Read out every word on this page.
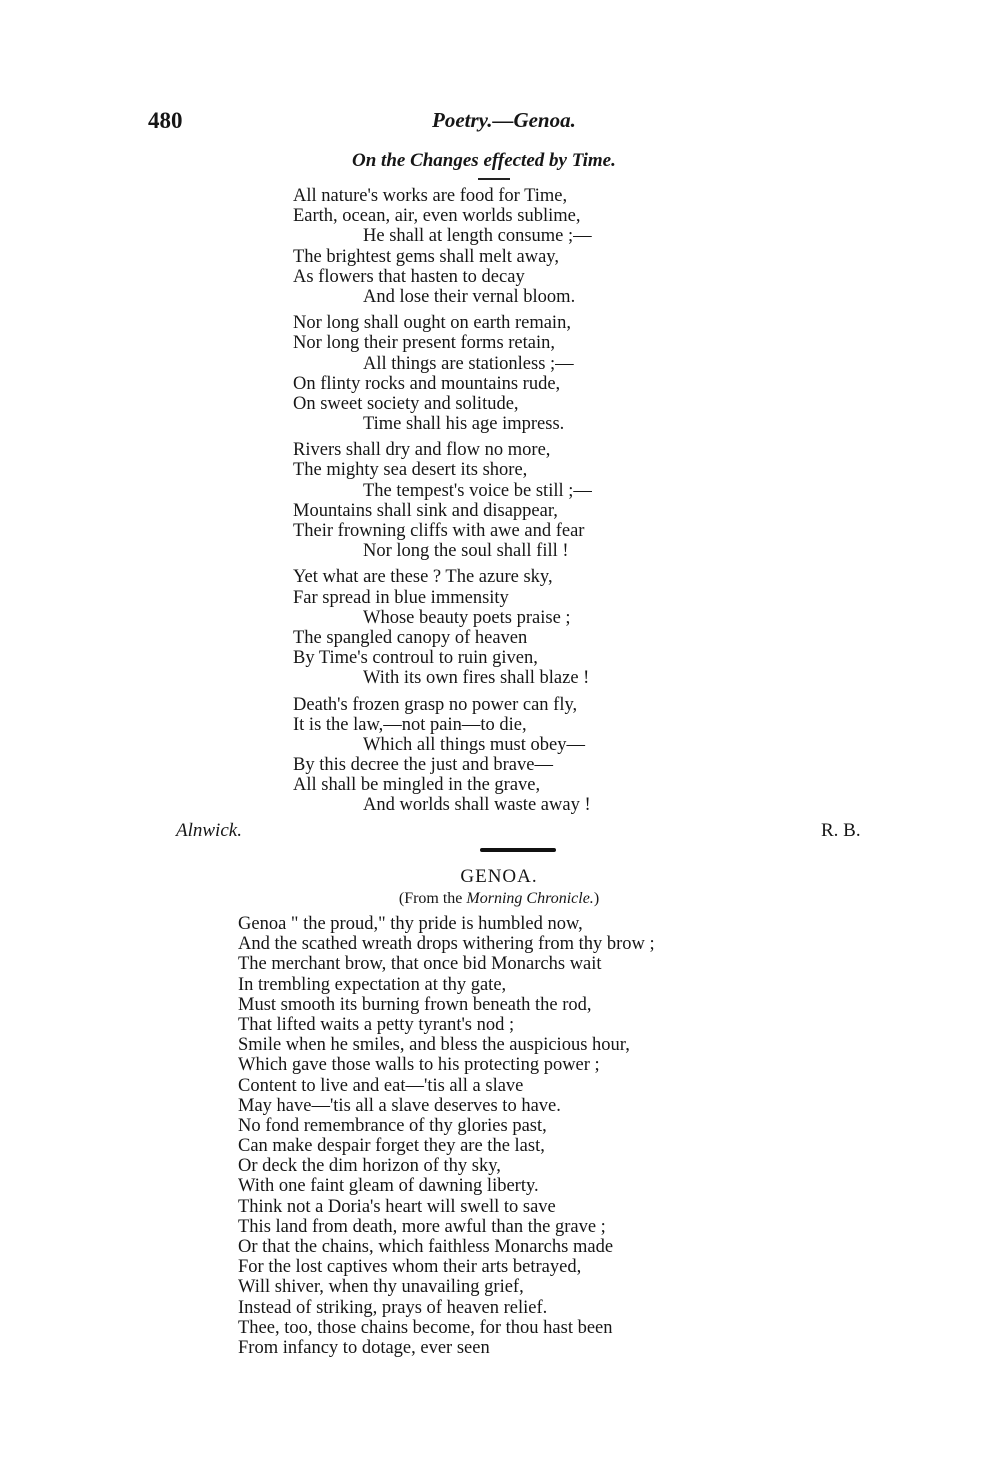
480	Poetry.—Genoa.
On the Changes effected by Time.
All nature's works are food for Time,
Earth, ocean, air, even worlds sublime,
He shall at length consume ;—
The brightest gems shall melt away,
As flowers that hasten to decay
And lose their vernal bloom.
Nor long shall ought on earth remain,
Nor long their present forms retain,
All things are stationless ;—
On flinty rocks and mountains rude,
On sweet society and solitude,
Time shall his age impress.
Rivers shall dry and flow no more,
The mighty sea desert its shore,
The tempest's voice be still ;—
Mountains shall sink and disappear,
Their frowning cliffs with awe and fear
Nor long the soul shall fill !
Yet what are these ? The azure sky,
Far spread in blue immensity
Whose beauty poets praise ;
The spangled canopy of heaven
By Time's controul to ruin given,
With its own fires shall blaze !
Death's frozen grasp no power can fly,
It is the law,—not pain—to die,
Which all things must obey—
By this decree the just and brave—
All shall be mingled in the grave,
And worlds shall waste away !
Alnwick.	R. B.
GENOA.
(From the Morning Chronicle.)
Genoa " the proud," thy pride is humbled now,
And the scathed wreath drops withering from thy brow ;
The merchant brow, that once bid Monarchs wait
In trembling expectation at thy gate,
Must smooth its burning frown beneath the rod,
That lifted waits a petty tyrant's nod ;
Smile when he smiles, and bless the auspicious hour,
Which gave those walls to his protecting power ;
Content to live and eat—'tis all a slave
May have—'tis all a slave deserves to have.
No fond remembrance of thy glories past,
Can make despair forget they are the last,
Or deck the dim horizon of thy sky,
With one faint gleam of dawning liberty.
Think not a Doria's heart will swell to save
This land from death, more awful than the grave ;
Or that the chains, which faithless Monarchs made
For the lost captives whom their arts betrayed,
Will shiver, when thy unavailing grief,
Instead of striking, prays of heaven relief.
Thee, too, those chains become, for thou hast been
From infancy to dotage, ever seen
